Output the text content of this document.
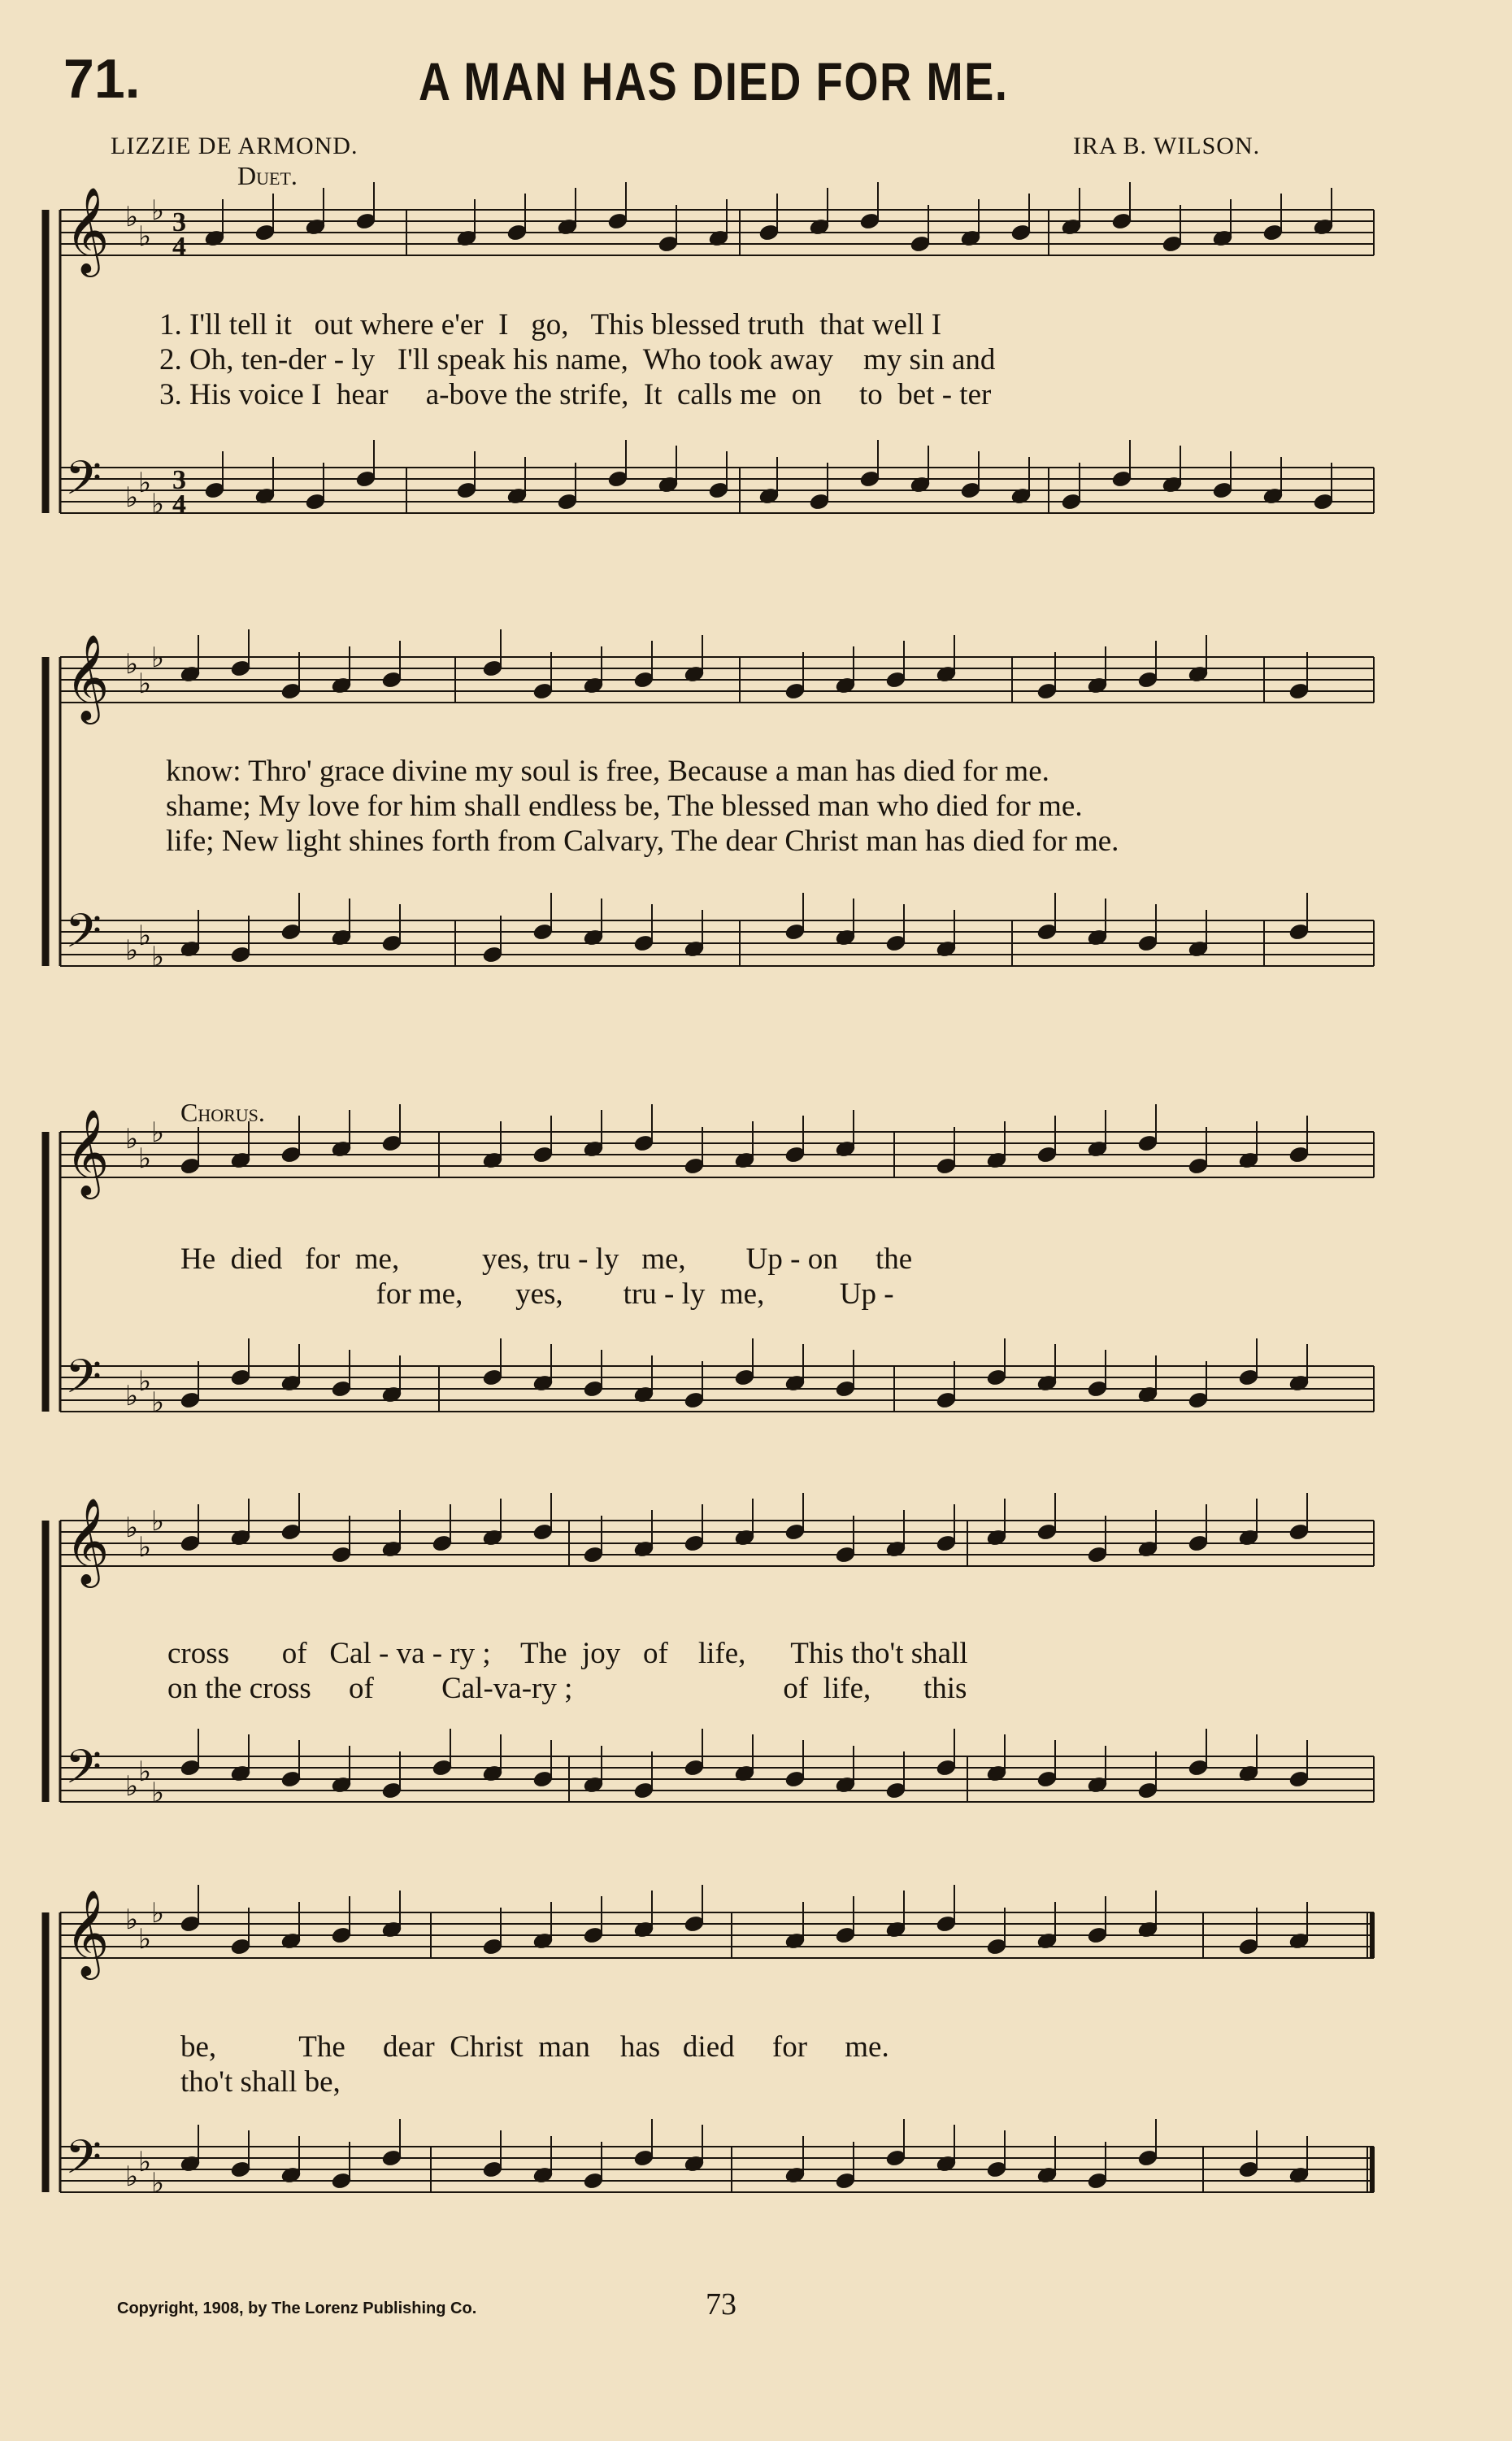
71.	A MAN HAS DIED FOR ME.
LIZZIE DE ARMOND.	IRA B. WILSON.
Duet.
Chorus.
𝄞
𝄢
♭
♭
♭
♭
♭
♭
3
4
3
4
𝄞
𝄢
♭
♭
♭
♭
♭
♭
𝄞
𝄢
♭
♭
♭
♭
♭
♭
𝄞
𝄢
♭
♭
♭
♭
♭
♭
𝄞
𝄢
♭
♭
♭
♭
♭
♭
1. I'll tell it   out where e'er  I   go,   This blessed truth  that well I
2. Oh, ten-der - ly   I'll speak his name,  Who took away    my sin and
3. His voice I  hear     a-bove the strife,  It  calls me  on     to  bet - ter
know: Thro' grace divine my soul is free, Because a man has died for me.
shame; My love for him shall endless be, The blessed man who died for me.
life; New light shines forth from Calvary, The dear Christ man has died for me.
He  died   for  me,           yes, tru - ly   me,        Up - on     the
for me,       yes,        tru - ly  me,          Up -
cross       of   Cal - va - ry ;    The  joy   of    life,      This tho't shall
on the cross     of         Cal-va-ry ;                            of  life,       this
be,           The     dear  Christ  man    has   died     for     me.
tho't shall be,
Copyright, 1908, by The Lorenz Publishing Co.	73
